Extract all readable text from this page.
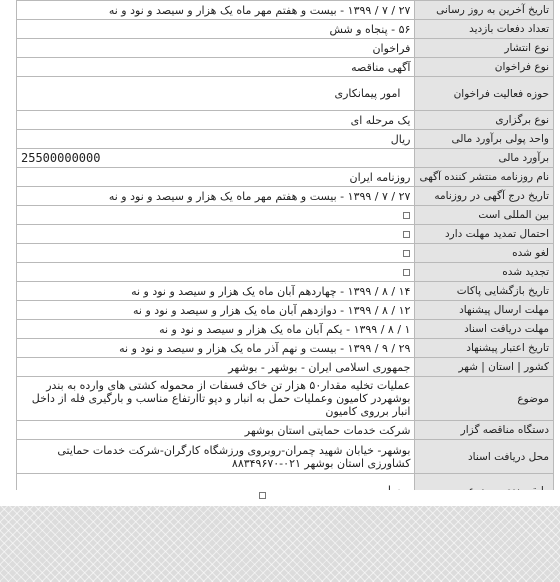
تاریخ آخرین به روز رسانی	۲۷ / ۷ / ۱۳۹۹ - بیست و هفتم مهر ماه یک هزار و سیصد و نود و نه
تعداد دفعات بازدید	۵۶ - پنجاه و شش
نوع انتشار	فراخوان
نوع فراخوان	آگهی مناقصه
حوزه فعالیت فراخوان	امور پیمانکاری
نوع برگزاری	یک مرحله ای
واحد پولی برآورد مالی	ریال
برآورد مالی	25500000000

نام روزنامه منتشر کننده آگهی	روزنامه ایران
تاریخ درج آگهی در روزنامه	۲۷ / ۷ / ۱۳۹۹ - بیست و هفتم مهر ماه یک هزار و سیصد و نود و نه
بین المللی است	
احتمال تمدید مهلت دارد	
لغو شده	
تجدید شده	
تاریخ بازگشایی پاکات	۱۴ / ۸ / ۱۳۹۹ - چهاردهم آبان ماه یک هزار و سیصد و نود و نه
مهلت ارسال پیشنهاد	۱۲ / ۸ / ۱۳۹۹ - دوازدهم آبان ماه یک هزار و سیصد و نود و نه
مهلت دریافت اسناد	۱ / ۸ / ۱۳۹۹ - یکم آبان ماه یک هزار و سیصد و نود و نه
تاریخ اعتبار پیشنهاد	۲۹ / ۹ / ۱۳۹۹ - بیست و نهم آذر ماه یک هزار و سیصد و نود و نه
کشور | استان | شهر	جمهوری اسلامی ایران - بوشهر - بوشهر
موضوع	عملیات تخلیه مقدار۵۰ هزار تن خاک فسفات از محموله کشتی های وارده به بندر بوشهردر کامیون وعملیات حمل به انبار و دپو تاارتفاع مناسب و بارگیری فله از داخل انبار برروی کامیون
دستگاه مناقصه گزار	شرکت خدمات حمایتی استان بوشهر
محل دریافت اسناد	بوشهر- خیابان شهید چمران-روبروی ورزشگاه کارگران-شرکت خدمات حمایتی کشاورزی استان بوشهر ۰۲۱-۸۸۳۴۹۶۷۰
